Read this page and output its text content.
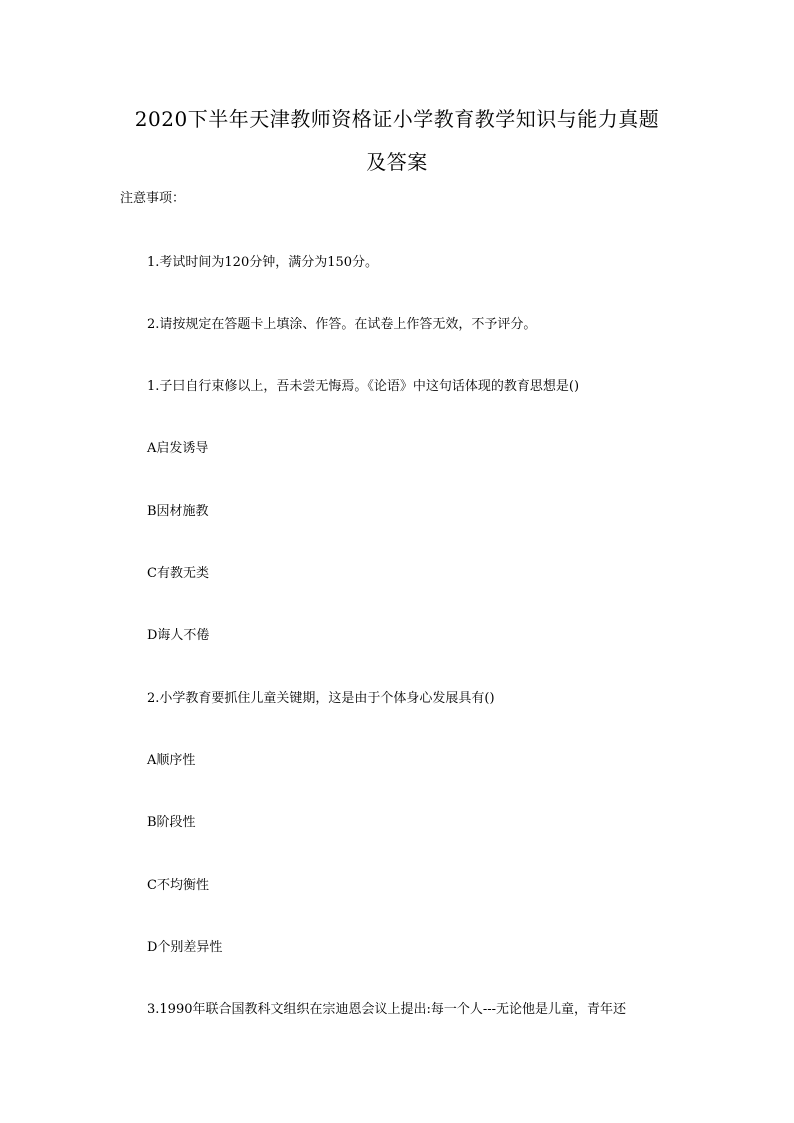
2020下半年天津教师资格证小学教育教学知识与能力真题
及答案
注意事项：
1.考试时间为120分钟，满分为150分。
2.请按规定在答题卡上填涂、作答。在试卷上作答无效，不予评分。
1.子曰自行束修以上，吾未尝无悔焉。《论语》中这句话体现的教育思想是()
A启发诱导
B因材施教
C有教无类
D诲人不倦
2.小学教育要抓住儿童关键期，这是由于个体身心发展具有()
A顺序性
B阶段性
C不均衡性
D个别差异性
3.1990年联合国教科文组织在宗迪恩会议上提出:每一个人---无论他是儿童，青年还
